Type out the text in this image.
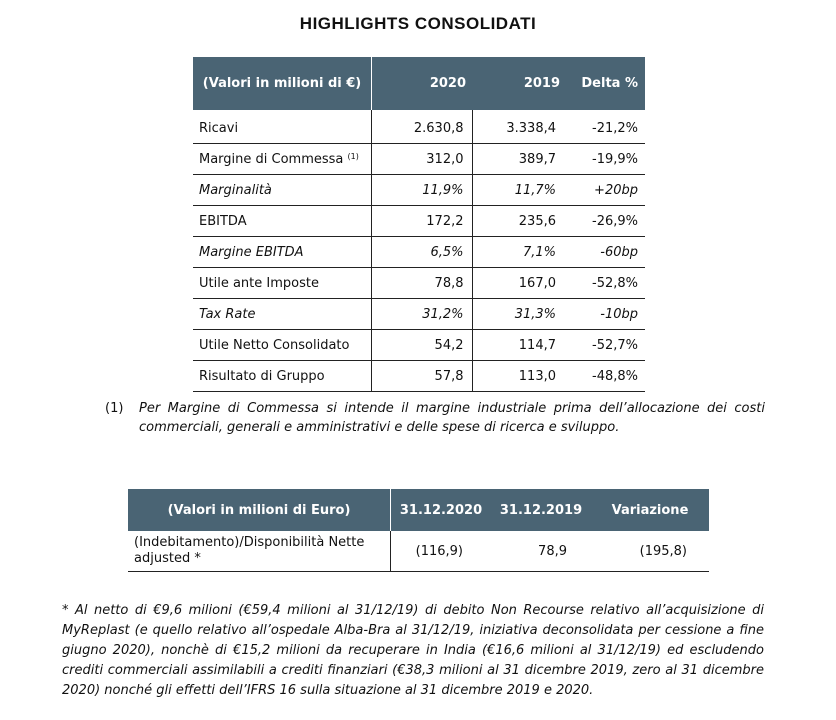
HIGHLIGHTS CONSOLIDATI
(Valori in milioni di €)	2020	2019	Delta %
Ricavi	2.630,8	3.338,4	-21,2%
Margine di Commessa $^{(1)}$	312,0	389,7	-19,9%
Marginalità	11,9%	11,7%	+20bp
EBITDA	172,2	235,6	-26,9%
Margine EBITDA	6,5%	7,1%	-60bp
Utile ante Imposte	78,8	167,0	-52,8%
Tax Rate	31,2%	31,3%	-10bp
Utile Netto Consolidato	54,2	114,7	-52,7%
Risultato di Gruppo	57,8	113,0	-48,8%
(1) Per Margine di Commessa si intende il margine industriale prima dell’allocazione dei costi commerciali, generali e amministrativi e delle spese di ricerca e sviluppo.
(Valori in milioni di Euro)	31.12.2020	31.12.2019	Variazione
(Indebitamento)/Disponibilità Nette
adjusted *	(116,9)	78,9	(195,8)
* Al netto di €9,6 milioni (€59,4 milioni al 31/12/19) di debito Non Recourse relativo all’acquisizione di MyReplast (e quello relativo all’ospedale Alba-Bra al 31/12/19, iniziativa deconsolidata per cessione a fine giugno 2020), nonchè di €15,2 milioni da recuperare in India (€16,6 milioni al 31/12/19) ed escludendo crediti commerciali assimilabili a crediti finanziari (€38,3 milioni al 31 dicembre 2019, zero al 31 dicembre 2020) nonché gli effetti dell’IFRS 16 sulla situazione al 31 dicembre 2019 e 2020.
